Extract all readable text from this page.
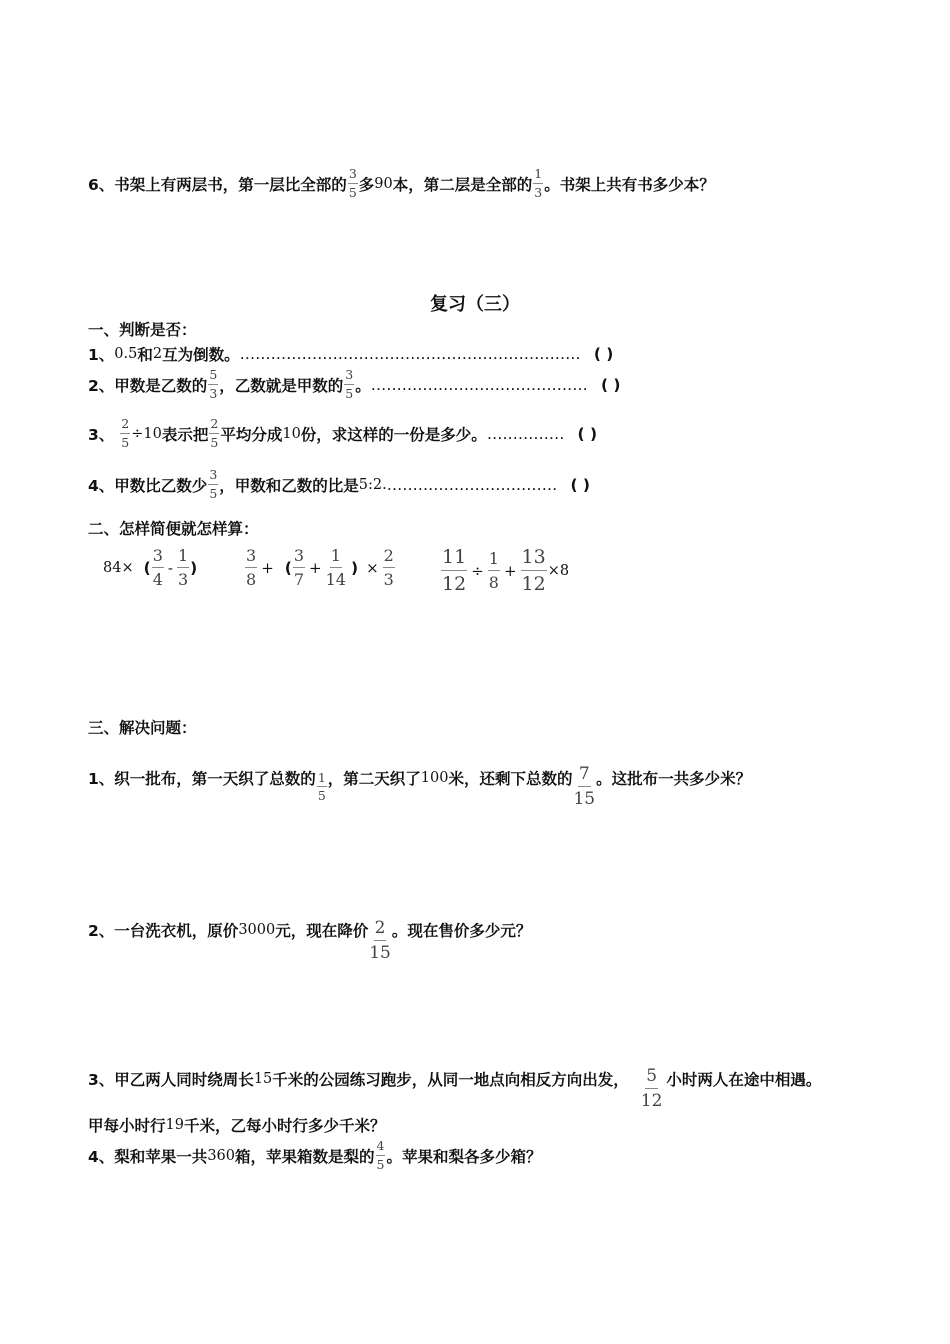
6、 书架上有两层书，第一层比全部的 $\frac{3}{5}$ 多 90 本，第二层是全部的 $\frac{1}{3}$ 。书架上共有书多少本？
复习（三）
一、判断是否：
1、 0.5 和 2 互为倒数。 ………………………………………………………… ( )
2、 甲数是乙数的 $\frac{5}{3}$ ，乙数就是甲数的 $\frac{3}{5}$ 。 …………………………………… ( )
3、 $\frac{2}{5} \div 10$ 表示把 $\frac{2}{5}$ 平均分成 10 份，求这样的一份是多少。 …………… ( )
4、 甲数比乙数少 $\frac{3}{5}$ ，甲数和乙数的比是 5:2. …………………………… ( )
二、怎样简便就怎样算：
84× ( $\frac{3}{4} - \frac{1}{3}$ )	$\frac{3}{8}$ + ( $\frac{3}{7} + \frac{1}{14}$ ) × $\frac{2}{3} \frac{11}{12} \div \frac{1}{8} + \frac{13}{12} \times 8$
三、解决问题：
1、 织一批布，第一天织了总数的 $\frac{1}{5}$ ，第二天织了 100 米，还剩下总数的 $\frac{7}{15}$ 。这批布一共多少米？
2、 一台洗衣机，原价 3000 元，现在降价 $\frac{2}{15}$ 。现在售价多少元？
3、 甲乙两人同时绕周长 15 千米的公园练习跑步，从同一地点向相反方向出发， $\frac{5}{12}$ 小时两人在途中相遇。
甲每小时行 19 千米，乙每小时行多少千米？
4、 梨和苹果一共 360 箱，苹果箱数是梨的 $\frac{4}{5}$ 。苹果和梨各多少箱？
